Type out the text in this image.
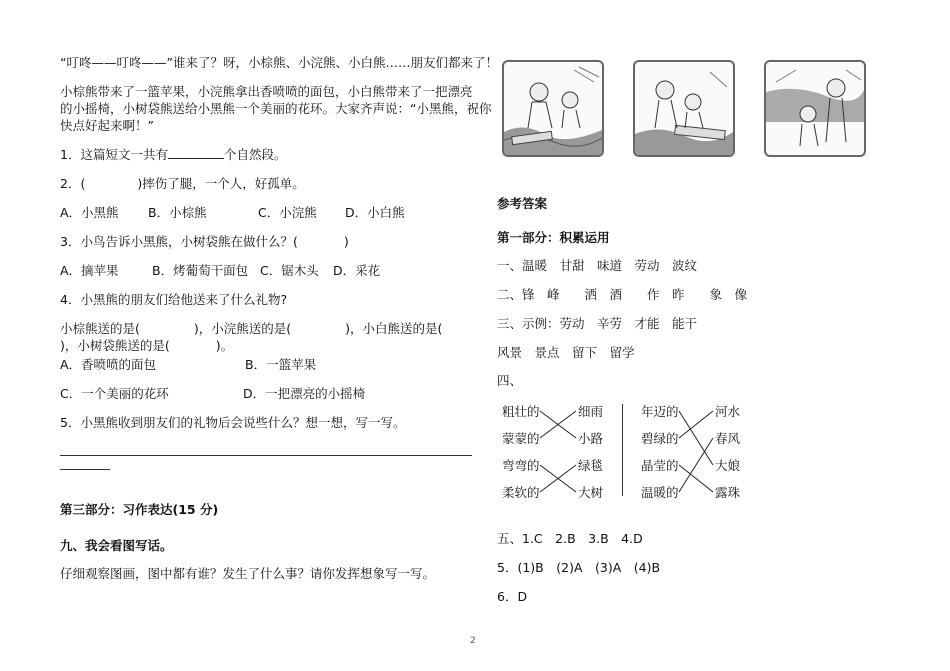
“叮咚——叮咚——”谁来了？呀，小棕熊、小浣熊、小白熊……朋友们都来了！
小棕熊带来了一篮苹果，小浣熊拿出香喷喷的面包，小白熊带来了一把漂亮
的小摇椅，小树袋熊送给小黑熊一个美丽的花环。大家齐声说：“小黑熊，祝你
快点好起来啊！”
1．这篇短文一共有	个自然段。
2．(	)摔伤了腿，一个人，好孤单。
A．小黑熊 B．小棕熊	C．小浣熊 D．小白熊
3．小鸟告诉小黑熊，小树袋熊在做什么？(	)
A．摘苹果	B．烤葡萄干面包 C．锯木头 D．采花
4．小黑熊的朋友们给他送来了什么礼物?
小棕熊送的是(	)，小浣熊送的是(	)，小白熊送的是(
)，小树袋熊送的是(	)。
A．香喷喷的面包	B．一篮苹果
C．一个美丽的花环	D．一把漂亮的小摇椅
5．小黑熊收到朋友们的礼物后会说些什么？想一想，写一写。
第三部分：习作表达(15 分)
九、我会看图写话。
仔细观察图画，图中都有谁？发生了什么事？请你发挥想象写一写。
参考答案
第一部分：积累运用
一、温暖　甘甜　味道　劳动　波纹
二、锋　峰　　洒　酒　　作　昨　　象　像
三、示例：劳动　辛劳　才能　能干
风景　景点　留下　留学
四、
粗壮的
蒙蒙的
弯弯的
柔软的
细雨
小路
绿毯
大树
年迈的
碧绿的
晶莹的
温暖的
河水
春风
大娘
露珠
五、1.C　2.B　3.B　4.D
5．(1)B　(2)A　(3)A　(4)B
6．D
2
